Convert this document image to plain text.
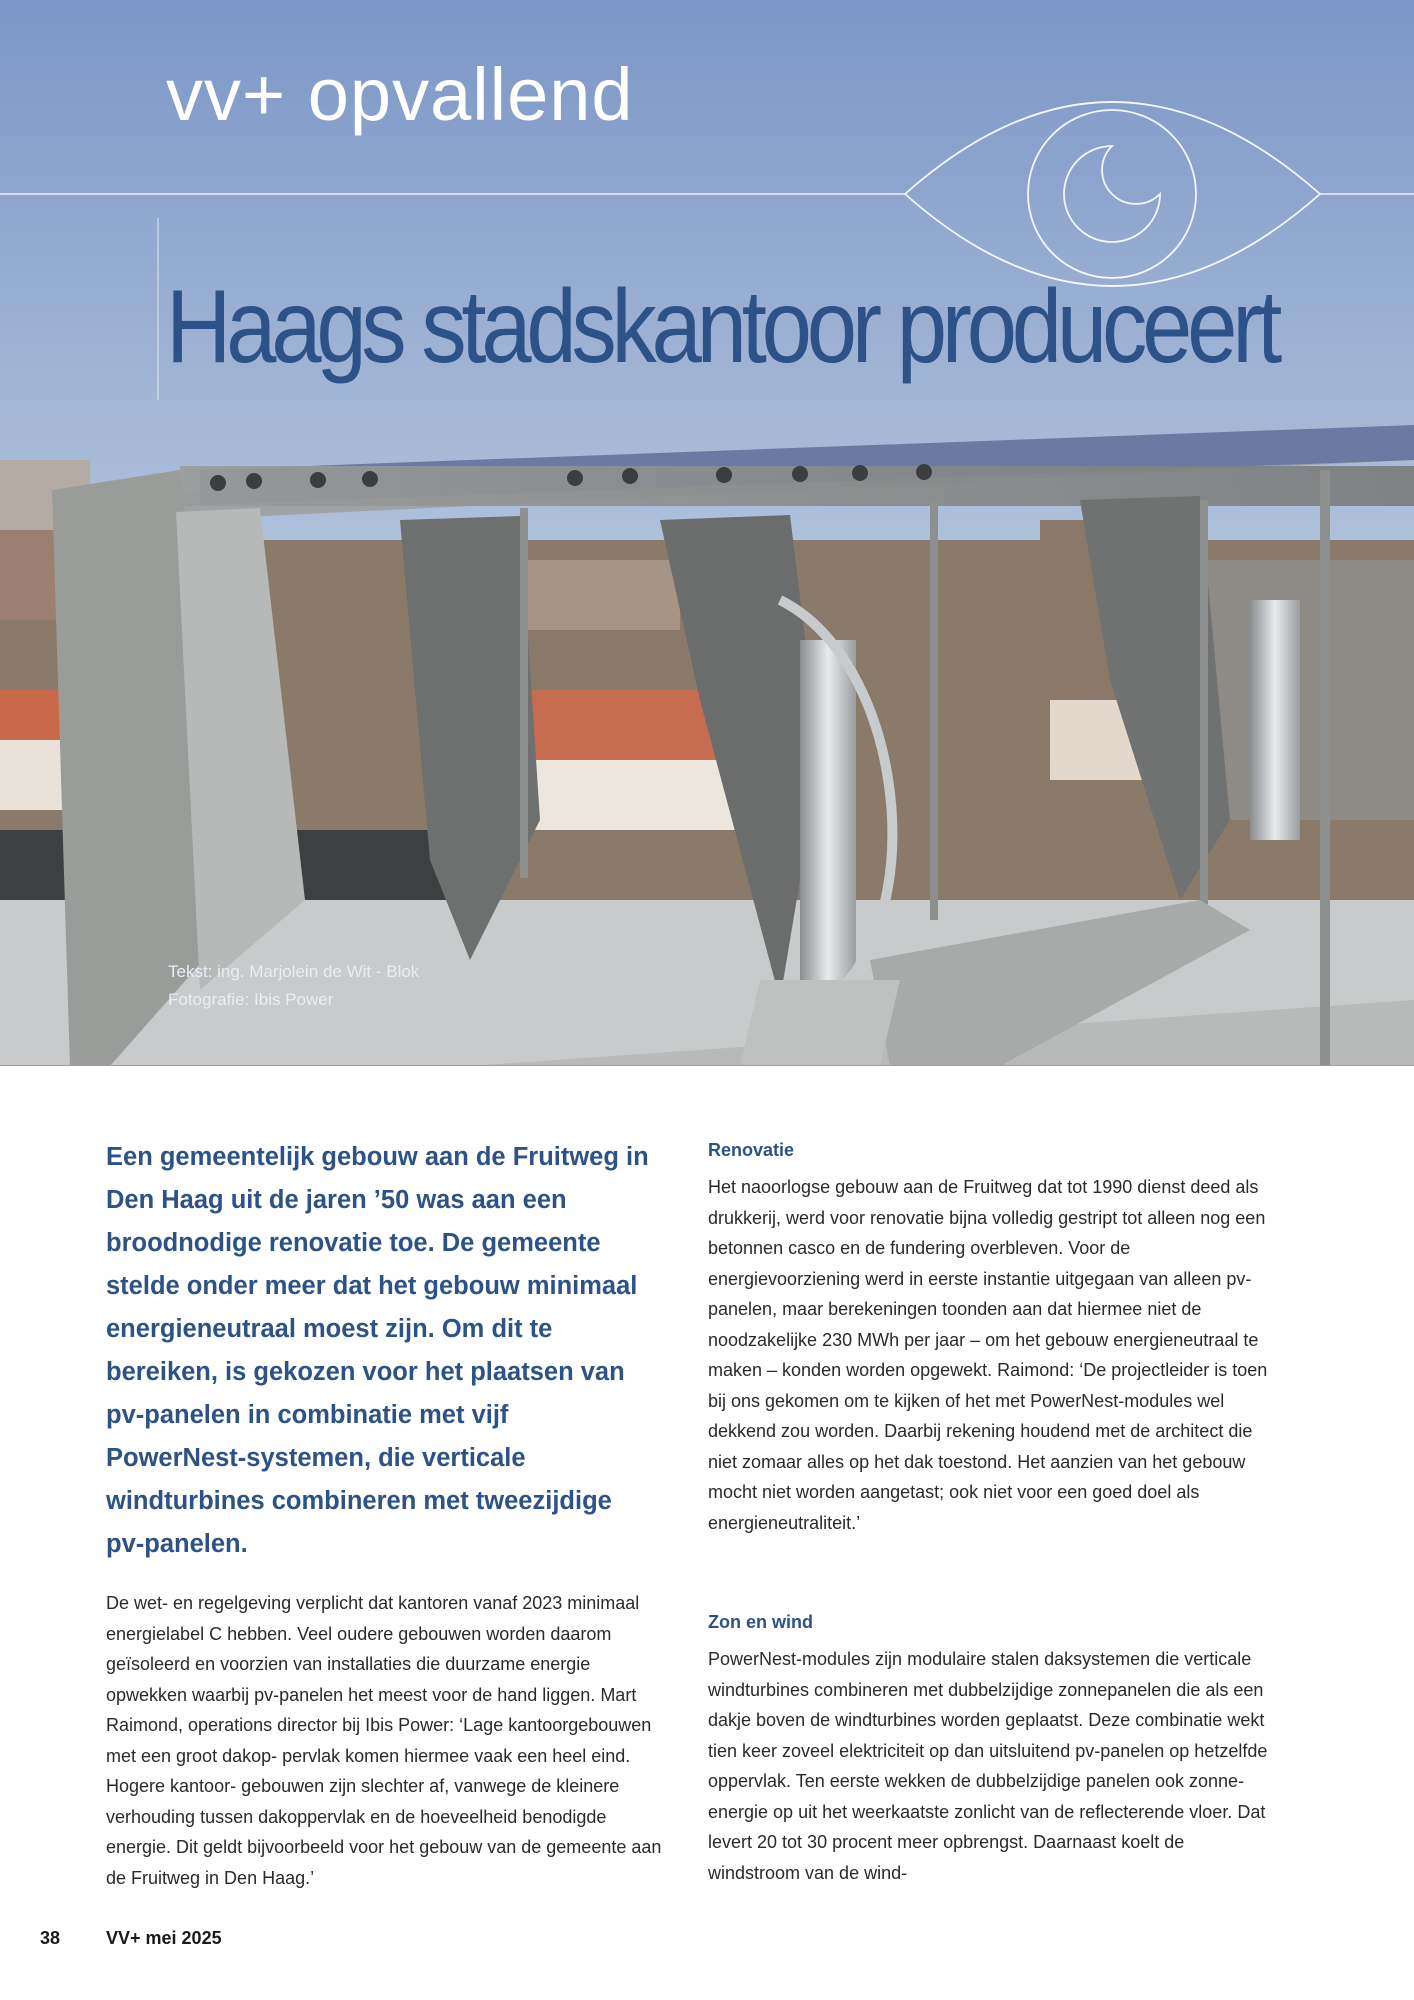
vv+ opvallend
Haags stadskantoor produceert
Tekst: ing. Marjolein de Wit - Blok
Fotografie: Ibis Power
Een gemeentelijk gebouw aan de Fruitweg in Den Haag uit de jaren ’50 was aan een broodnodige renovatie toe. De gemeente stelde onder meer dat het gebouw minimaal energieneutraal moest zijn. Om dit te bereiken, is gekozen voor het plaatsen van pv-panelen in combinatie met vijf PowerNest-systemen, die verticale windturbines combineren met tweezijdige pv-panelen.

De wet- en regelgeving verplicht dat kantoren vanaf 2023 minimaal energielabel C hebben. Veel oudere gebouwen worden daarom geïsoleerd en voorzien van installaties die duurzame energie opwekken waarbij pv-panelen het meest voor de hand liggen. Mart Raimond, operations director bij Ibis Power: ‘Lage kantoorgebouwen met een groot dakop- pervlak komen hiermee vaak een heel eind. Hogere kantoor- gebouwen zijn slechter af, vanwege de kleinere verhouding tussen dakoppervlak en de hoeveelheid benodigde energie. Dit geldt bijvoorbeeld voor het gebouw van de gemeente aan de Fruitweg in Den Haag.’

Renovatie

Het naoorlogse gebouw aan de Fruitweg dat tot 1990 dienst deed als drukkerij, werd voor renovatie bijna volledig gestript tot alleen nog een betonnen casco en de fundering overbleven. Voor de energievoorziening werd in eerste instantie uitgegaan van alleen pv-panelen, maar berekeningen toonden aan dat hiermee niet de noodzakelijke 230 MWh per jaar – om het gebouw energieneutraal te maken – konden worden opgewekt. Raimond: ‘De projectleider is toen bij ons gekomen om te kijken of het met PowerNest-modules wel dekkend zou worden. Daarbij rekening houdend met de architect die niet zomaar alles op het dak toestond. Het aanzien van het gebouw mocht niet worden aangetast; ook niet voor een goed doel als energieneutraliteit.’

Zon en wind

PowerNest-modules zijn modulaire stalen daksystemen die verticale windturbines combineren met dubbelzijdige zonnepanelen die als een dakje boven de windturbines worden geplaatst. Deze combinatie wekt tien keer zoveel elektriciteit op dan uitsluitend pv-panelen op hetzelfde oppervlak. Ten eerste wekken de dubbelzijdige panelen ook zonne-energie op uit het weerkaatste zonlicht van de reflecterende vloer. Dat levert 20 tot 30 procent meer opbrengst. Daarnaast koelt de windstroom van de wind-

38	VV+ mei 2025
